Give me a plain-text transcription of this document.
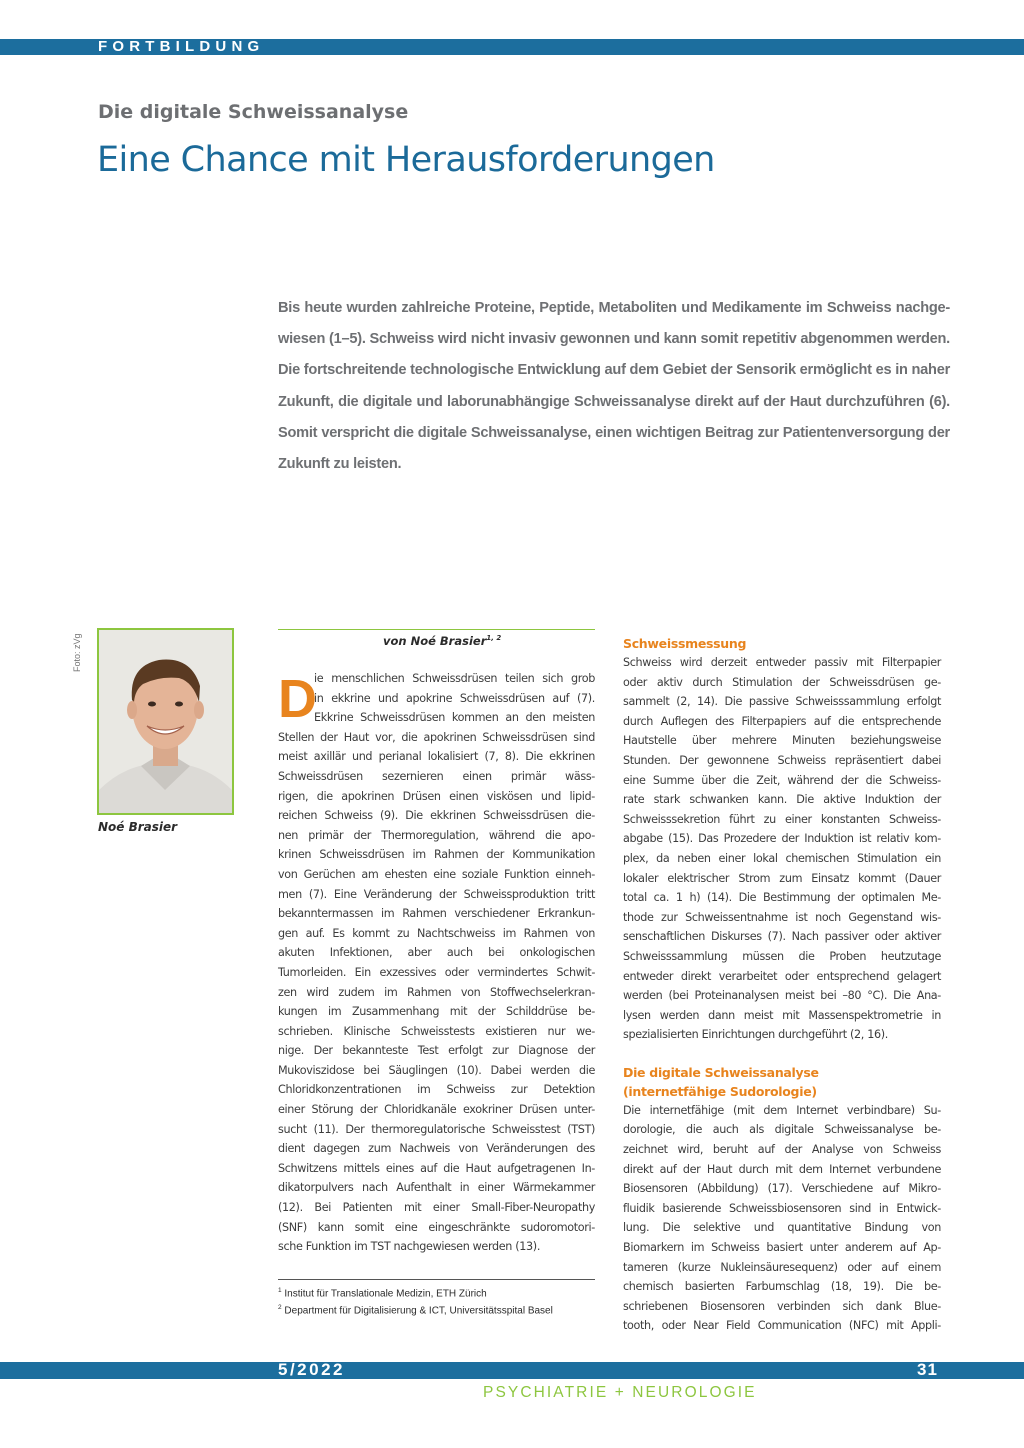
FORTBILDUNG
Die digitale Schweissanalyse
Eine Chance mit Herausforderungen
Bis heute wurden zahlreiche Proteine, Peptide, Metaboliten und Medikamente im Schweiss nachge-
wiesen (1–5). Schweiss wird nicht invasiv gewonnen und kann somit repetitiv abgenommen werden.
Die fortschreitende technologische Entwicklung auf dem Gebiet der Sensorik ermöglicht es in naher
Zukunft, die digitale und laborunabhängige Schweissanalyse direkt auf der Haut durchzuführen (6).
Somit verspricht die digitale Schweissanalyse, einen wichtigen Beitrag zur Patientenversorgung der
Zukunft zu leisten.
Foto: zVg
Noé Brasier
von Noé Brasier$^{1, 2}$
D
ie menschlichen Schweissdrüsen teilen sich grob
in ekkrine und apokrine Schweissdrüsen auf (7).
Ekkrine Schweissdrüsen kommen an den meisten
Stellen der Haut vor, die apokrinen Schweissdrüsen sind
meist axillär und perianal lokalisiert (7, 8). Die ekkrinen
Schweissdrüsen sezernieren einen primär wäss-
rigen, die apokrinen Drüsen einen viskösen und lipid-
reichen Schweiss (9). Die ekkrinen Schweissdrüsen die-
nen primär der Thermoregulation, während die apo-
krinen Schweissdrüsen im Rahmen der Kommunikation
von Gerüchen am ehesten eine soziale Funktion einneh-
men (7). Eine Veränderung der Schweissproduktion tritt
bekanntermassen im Rahmen verschiedener Erkrankun-
gen auf. Es kommt zu Nachtschweiss im Rahmen von
akuten Infektionen, aber auch bei onkologischen
Tumorleiden. Ein exzessives oder vermindertes Schwit-
zen wird zudem im Rahmen von Stoffwechselerkran-
kungen im Zusammenhang mit der Schilddrüse be-
schrieben. Klinische Schweisstests existieren nur we-
nige. Der bekannteste Test erfolgt zur Diagnose der
Mukoviszidose bei Säuglingen (10). Dabei werden die
Chloridkonzentrationen im Schweiss zur Detektion
einer Störung der Chloridkanäle exokriner Drüsen unter-
sucht (11). Der thermoregulatorische Schweisstest (TST)
dient dagegen zum Nachweis von Veränderungen des
Schwitzens mittels eines auf die Haut aufgetragenen In-
dikatorpulvers nach Aufenthalt in einer Wärmekammer
(12). Bei Patienten mit einer Small-Fiber-Neuropathy
(SNF) kann somit eine eingeschränkte sudoromotori-
sche Funktion im TST nachgewiesen werden (13).
$^1$ Institut für Translationale Medizin, ETH Zürich
$^2$ Department für Digitalisierung & ICT, Universitätsspital Basel
Schweissmessung
Schweiss wird derzeit entweder passiv mit Filterpapier
oder aktiv durch Stimulation der Schweissdrüsen ge-
sammelt (2, 14). Die passive Schweisssammlung erfolgt
durch Auflegen des Filterpapiers auf die entsprechende
Hautstelle über mehrere Minuten beziehungsweise
Stunden. Der gewonnene Schweiss repräsentiert dabei
eine Summe über die Zeit, während der die Schweiss-
rate stark schwanken kann. Die aktive Induktion der
Schweisssekretion führt zu einer konstanten Schweiss-
abgabe (15). Das Prozedere der Induktion ist relativ kom-
plex, da neben einer lokal chemischen Stimulation ein
lokaler elektrischer Strom zum Einsatz kommt (Dauer
total ca. 1 h) (14). Die Bestimmung der optimalen Me-
thode zur Schweissentnahme ist noch Gegenstand wis-
senschaftlichen Diskurses (7). Nach passiver oder aktiver
Schweisssammlung müssen die Proben heutzutage
entweder direkt verarbeitet oder entsprechend gelagert
werden (bei Proteinanalysen meist bei –80 °C). Die Ana-
lysen werden dann meist mit Massenspektrometrie in
spezialisierten Einrichtungen durchgeführt (2, 16).
Die digitale Schweissanalyse
(internetfähige Sudorologie)
Die internetfähige (mit dem Internet verbindbare) Su-
dorologie, die auch als digitale Schweissanalyse be-
zeichnet wird, beruht auf der Analyse von Schweiss
direkt auf der Haut durch mit dem Internet verbundene
Biosensoren (Abbildung) (17). Verschiedene auf Mikro-
fluidik basierende Schweissbiosensoren sind in Entwick-
lung. Die selektive und quantitative Bindung von
Biomarkern im Schweiss basiert unter anderem auf Ap-
tameren (kurze Nukleinsäuresequenz) oder auf einem
chemisch basierten Farbumschlag (18, 19). Die be-
schriebenen Biosensoren verbinden sich dank Blue-
tooth, oder Near Field Communication (NFC) mit Appli-
5/2022	31
PSYCHIATRIE + NEUROLOGIE
